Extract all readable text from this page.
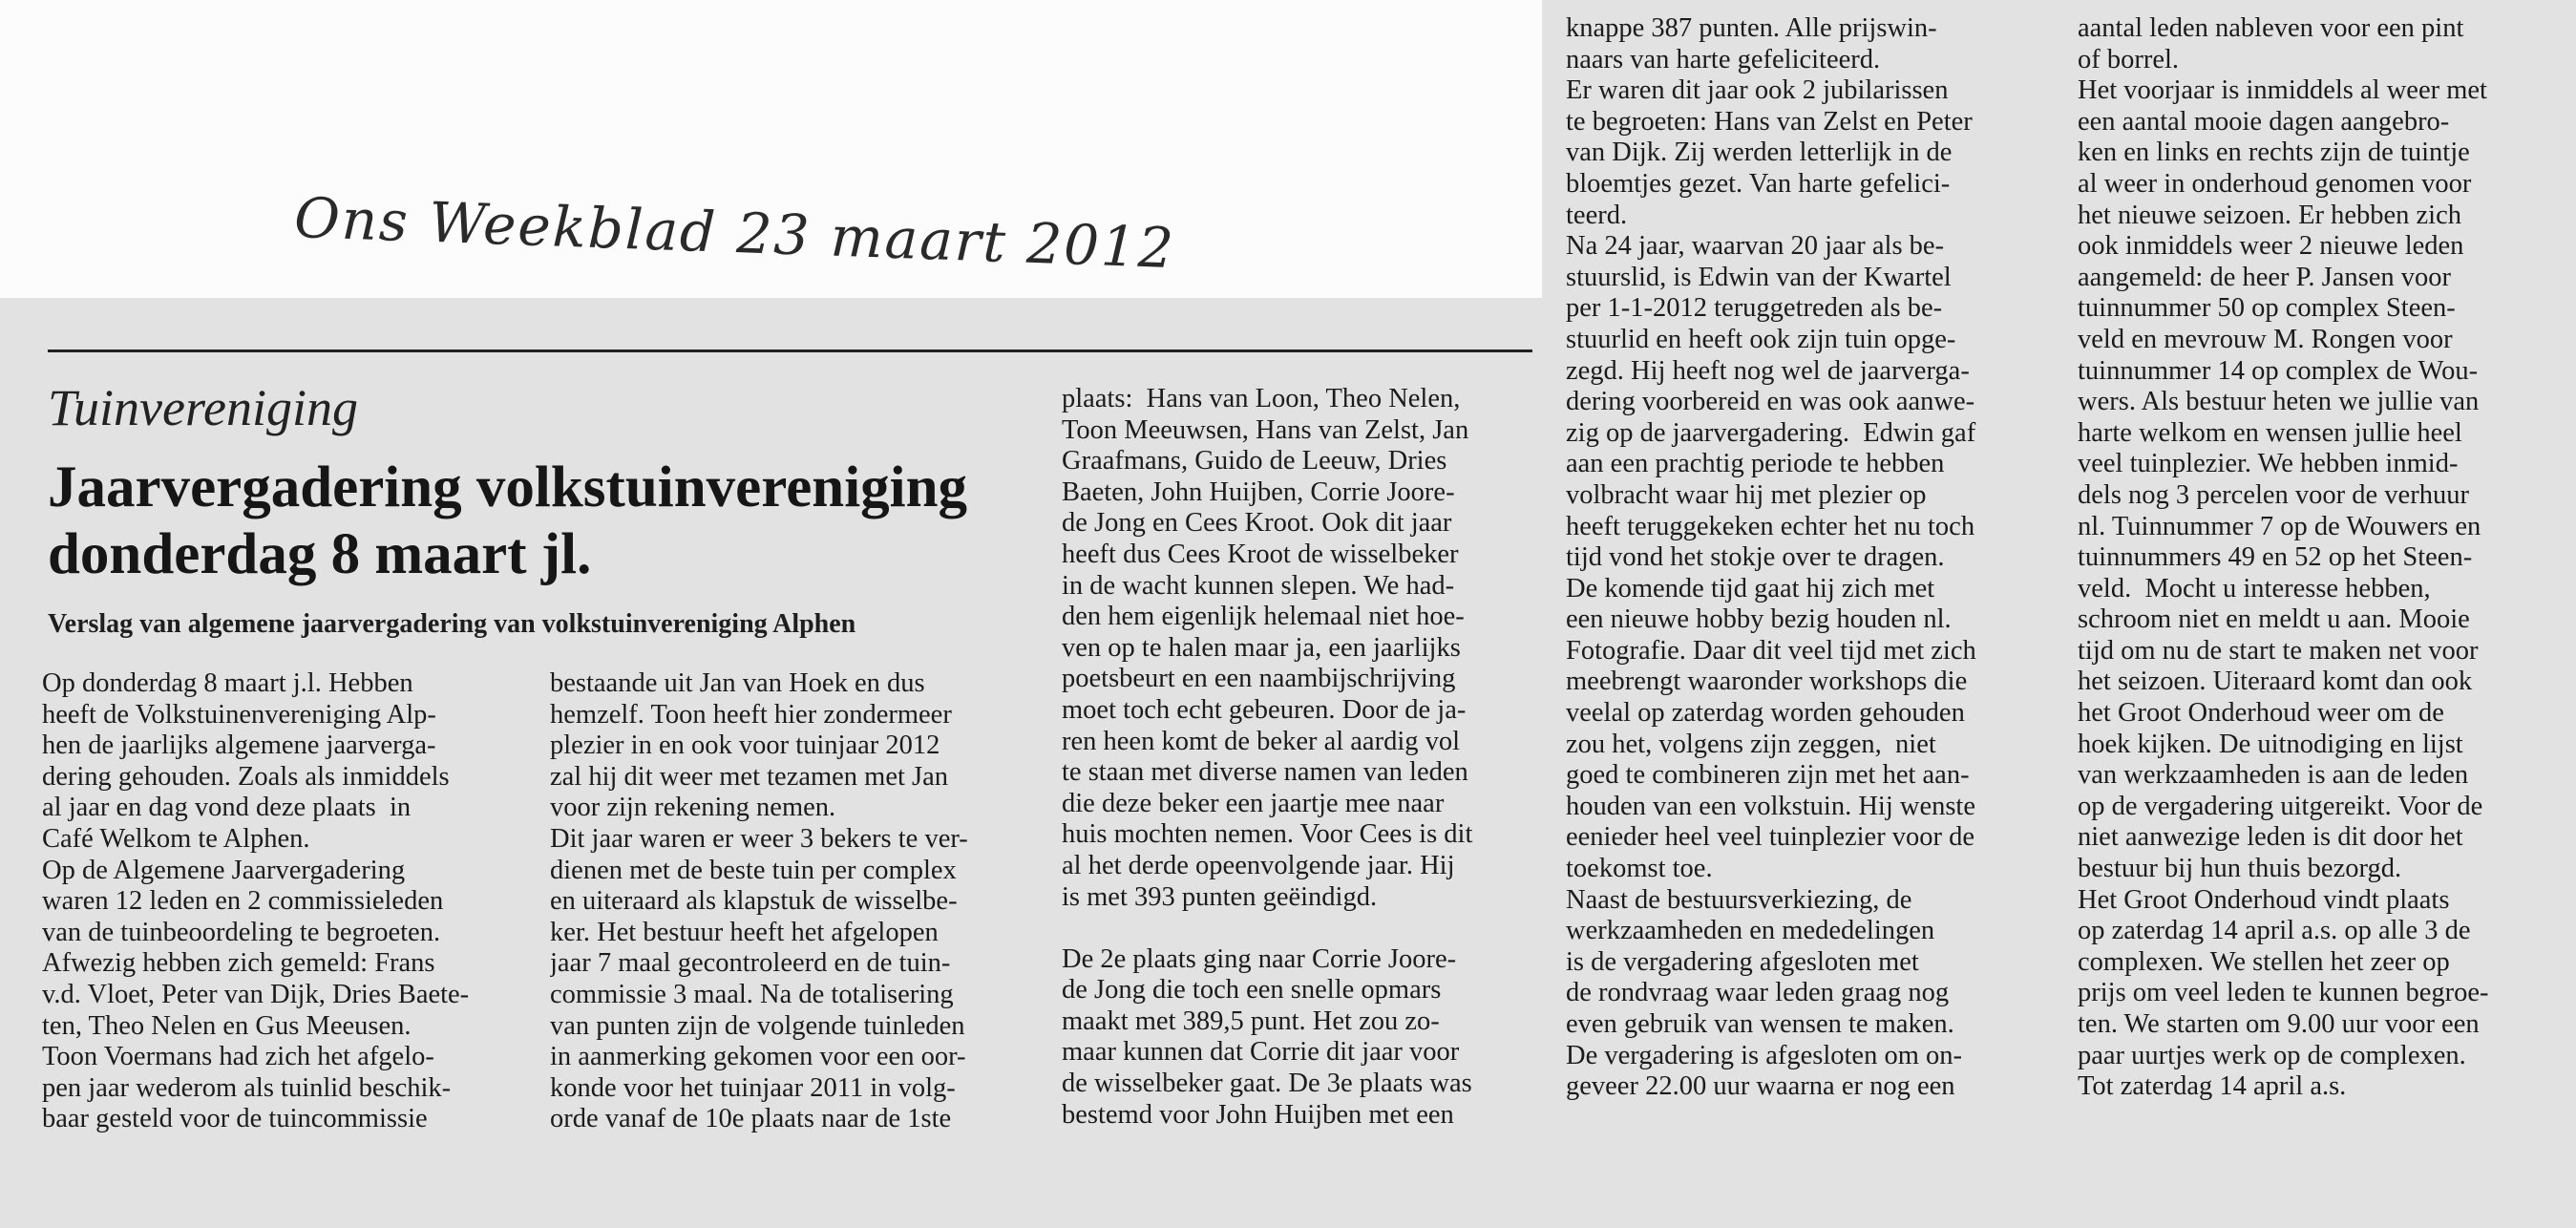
Ons Weekblad 23 maart 2012
Tuinvereniging
Jaarvergadering volkstuinvereniging donderdag 8 maart jl.
Verslag van algemene jaarvergadering van volkstuinvereniging Alphen

Op donderdag 8 maart j.l. Hebben
heeft de Volkstuinenvereniging Alp-
hen de jaarlijks algemene jaarverga-
dering gehouden. Zoals als inmiddels
al jaar en dag vond deze plaats  in
Café Welkom te Alphen.
Op de Algemene Jaarvergadering
waren 12 leden en 2 commissieleden
van de tuinbeoordeling te begroeten.
Afwezig hebben zich gemeld: Frans
v.d. Vloet, Peter van Dijk, Dries Baete-
ten, Theo Nelen en Gus Meeusen.
Toon Voermans had zich het afgelo-
pen jaar wederom als tuinlid beschik-
baar gesteld voor de tuincommissie

bestaande uit Jan van Hoek en dus
hemzelf. Toon heeft hier zondermeer
plezier in en ook voor tuinjaar 2012
zal hij dit weer met tezamen met Jan
voor zijn rekening nemen.
Dit jaar waren er weer 3 bekers te ver-
dienen met de beste tuin per complex
en uiteraard als klapstuk de wisselbe-
ker. Het bestuur heeft het afgelopen
jaar 7 maal gecontroleerd en de tuin-
commissie 3 maal. Na de totalisering
van punten zijn de volgende tuinleden
in aanmerking gekomen voor een oor-
konde voor het tuinjaar 2011 in volg-
orde vanaf de 10e plaats naar de 1ste

plaats:  Hans van Loon, Theo Nelen,
Toon Meeuwsen, Hans van Zelst, Jan
Graafmans, Guido de Leeuw, Dries
Baeten, John Huijben, Corrie Joore-
de Jong en Cees Kroot. Ook dit jaar
heeft dus Cees Kroot de wisselbeker
in de wacht kunnen slepen. We had-
den hem eigenlijk helemaal niet hoe-
ven op te halen maar ja, een jaarlijks
poetsbeurt en een naambijschrijving
moet toch echt gebeuren. Door de ja-
ren heen komt de beker al aardig vol
te staan met diverse namen van leden
die deze beker een jaartje mee naar
huis mochten nemen. Voor Cees is dit
al het derde opeenvolgende jaar. Hij
is met 393 punten geëindigd.

De 2e plaats ging naar Corrie Joore-
de Jong die toch een snelle opmars
maakt met 389,5 punt. Het zou zo-
maar kunnen dat Corrie dit jaar voor
de wisselbeker gaat. De 3e plaats was
bestemd voor John Huijben met een

knappe 387 punten. Alle prijswin-
naars van harte gefeliciteerd.
Er waren dit jaar ook 2 jubilarissen
te begroeten: Hans van Zelst en Peter
van Dijk. Zij werden letterlijk in de
bloemtjes gezet. Van harte gefelici-
teerd.
Na 24 jaar, waarvan 20 jaar als be-
stuurslid, is Edwin van der Kwartel
per 1-1-2012 teruggetreden als be-
stuurlid en heeft ook zijn tuin opge-
zegd. Hij heeft nog wel de jaarverga-
dering voorbereid en was ook aanwe-
zig op de jaarvergadering.  Edwin gaf
aan een prachtig periode te hebben
volbracht waar hij met plezier op
heeft teruggekeken echter het nu toch
tijd vond het stokje over te dragen.
De komende tijd gaat hij zich met
een nieuwe hobby bezig houden nl.
Fotografie. Daar dit veel tijd met zich
meebrengt waaronder workshops die
veelal op zaterdag worden gehouden
zou het, volgens zijn zeggen,  niet
goed te combineren zijn met het aan-
houden van een volkstuin. Hij wenste
eenieder heel veel tuinplezier voor de
toekomst toe.
Naast de bestuursverkiezing, de
werkzaamheden en mededelingen
is de vergadering afgesloten met
de rondvraag waar leden graag nog
even gebruik van wensen te maken.
De vergadering is afgesloten om on-
geveer 22.00 uur waarna er nog een

aantal leden nableven voor een pint
of borrel.
Het voorjaar is inmiddels al weer met
een aantal mooie dagen aangebro-
ken en links en rechts zijn de tuintje
al weer in onderhoud genomen voor
het nieuwe seizoen. Er hebben zich
ook inmiddels weer 2 nieuwe leden
aangemeld: de heer P. Jansen voor
tuinnummer 50 op complex Steen-
veld en mevrouw M. Rongen voor
tuinnummer 14 op complex de Wou-
wers. Als bestuur heten we jullie van
harte welkom en wensen jullie heel
veel tuinplezier. We hebben inmid-
dels nog 3 percelen voor de verhuur
nl. Tuinnummer 7 op de Wouwers en
tuinnummers 49 en 52 op het Steen-
veld.  Mocht u interesse hebben,
schroom niet en meldt u aan. Mooie
tijd om nu de start te maken net voor
het seizoen. Uiteraard komt dan ook
het Groot Onderhoud weer om de
hoek kijken. De uitnodiging en lijst
van werkzaamheden is aan de leden
op de vergadering uitgereikt. Voor de
niet aanwezige leden is dit door het
bestuur bij hun thuis bezorgd.
Het Groot Onderhoud vindt plaats
op zaterdag 14 april a.s. op alle 3 de
complexen. We stellen het zeer op
prijs om veel leden te kunnen begroe-
ten. We starten om 9.00 uur voor een
paar uurtjes werk op de complexen.
Tot zaterdag 14 april a.s.
